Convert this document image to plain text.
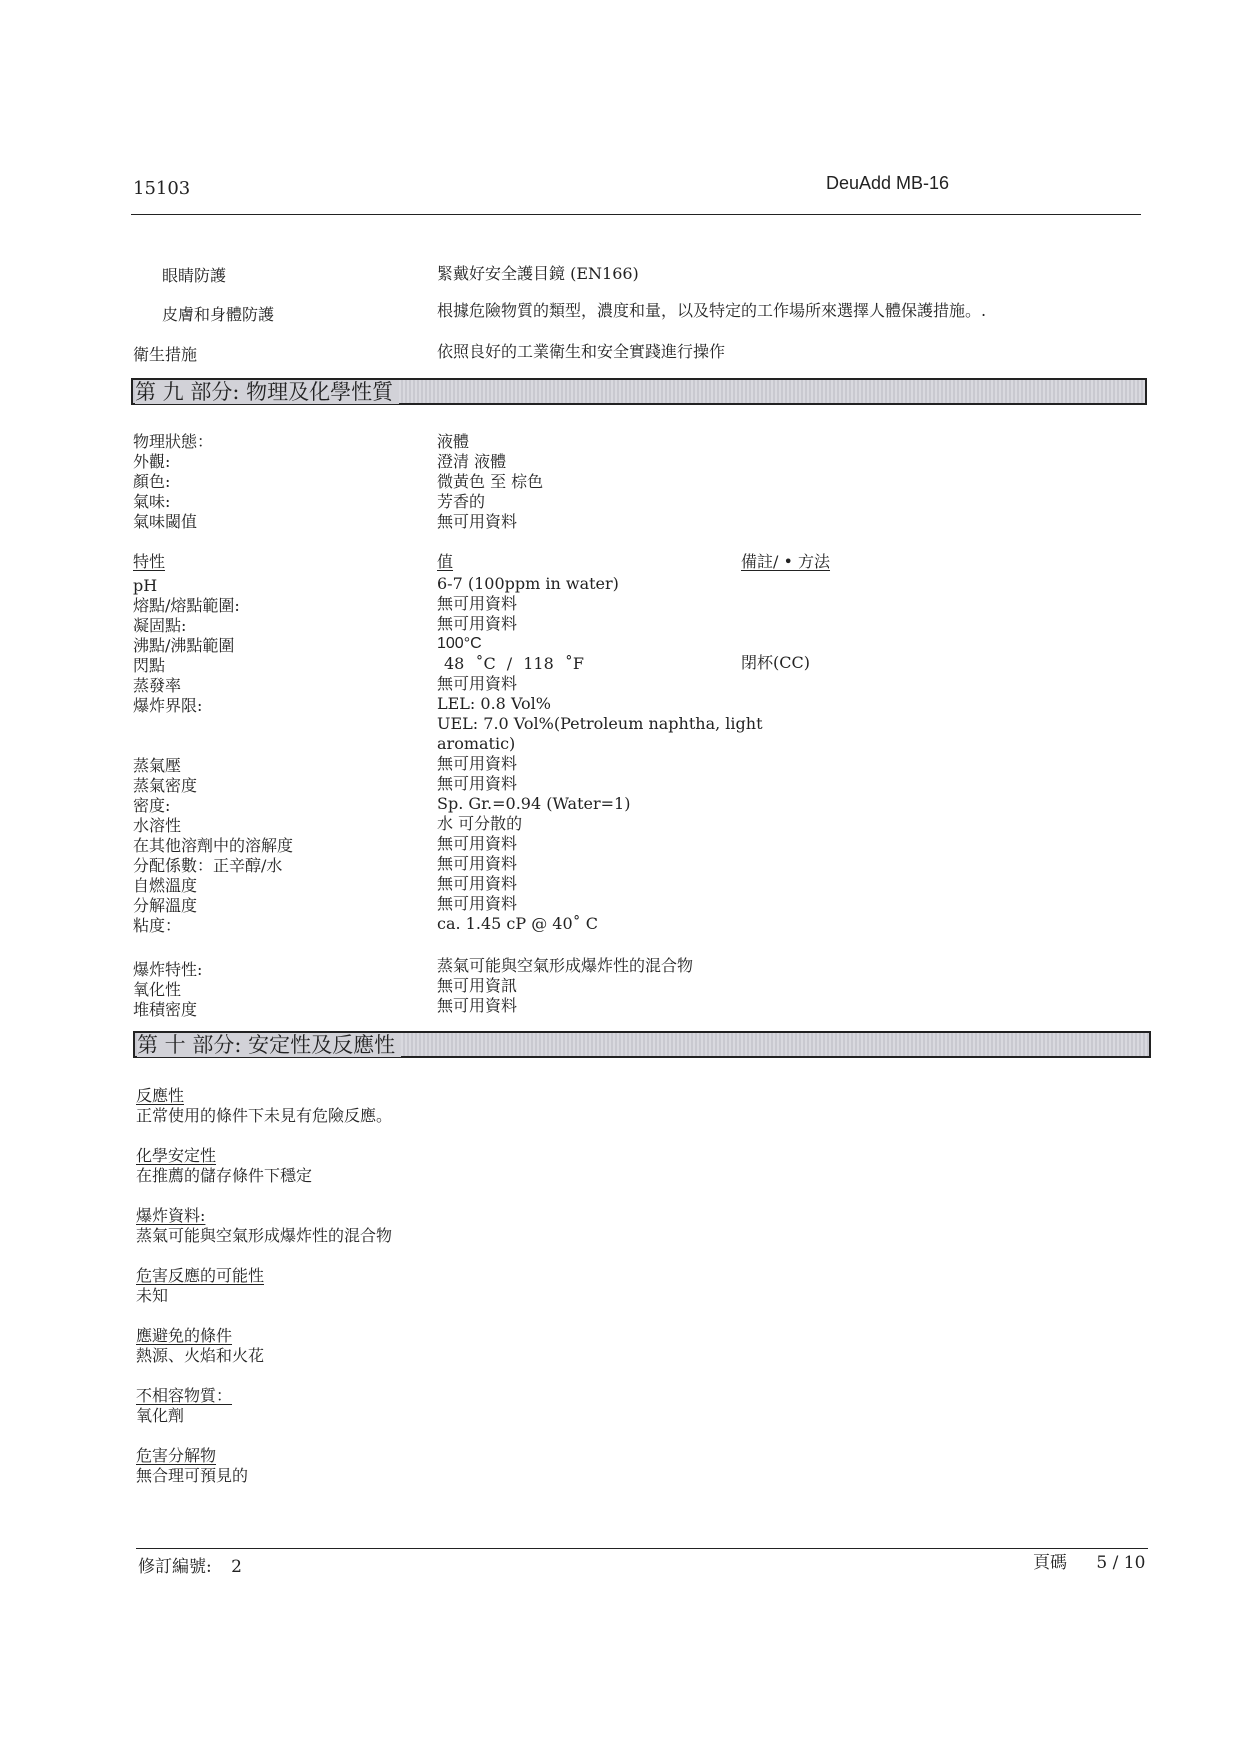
15103	DeuAdd MB-16
眼睛防護	緊戴好安全護目鏡 (EN166)
皮膚和身體防護	根據危險物質的類型，濃度和量，以及特定的工作場所來選擇人體保護措施。.
衛生措施	依照良好的工業衛生和安全實踐進行操作
第 九 部分: 物理及化學性質
物理狀態：	液體
外觀:	澄清 液體
顏色:	微黃色 至 棕色
氣味:	芳香的
氣味閾值	無可用資料
特性	值	備註/ • 方法
pH	6-7 (100ppm in water)
熔點/熔點範圍:	無可用資料
凝固點:	無可用資料
沸點/沸點範圍	100°C
閃點	48 ˚C / 118 ˚F	閉杯(CC)
蒸發率	無可用資料
爆炸界限:	LEL: 0.8 Vol%
UEL: 7.0 Vol%(Petroleum naphtha, light
aromatic)
蒸氣壓	無可用資料
蒸氣密度	無可用資料
密度:	Sp. Gr.=0.94 (Water=1)
水溶性	水 可分散的
在其他溶劑中的溶解度	無可用資料
分配係數：正辛醇/水	無可用資料
自燃溫度	無可用資料
分解溫度	無可用資料
粘度：	ca. 1.45 cP @ 40˚ C
爆炸特性:	蒸氣可能與空氣形成爆炸性的混合物
氧化性	無可用資訊
堆積密度	無可用資料
第 十 部分: 安定性及反應性
反應性
正常使用的條件下未見有危險反應。
化學安定性
在推薦的儲存條件下穩定
爆炸資料:
蒸氣可能與空氣形成爆炸性的混合物
危害反應的可能性
未知
應避免的條件
熱源、火焰和火花
不相容物質：
氧化劑
危害分解物
無合理可預見的
修訂編號: 2	頁碼 5 / 10
